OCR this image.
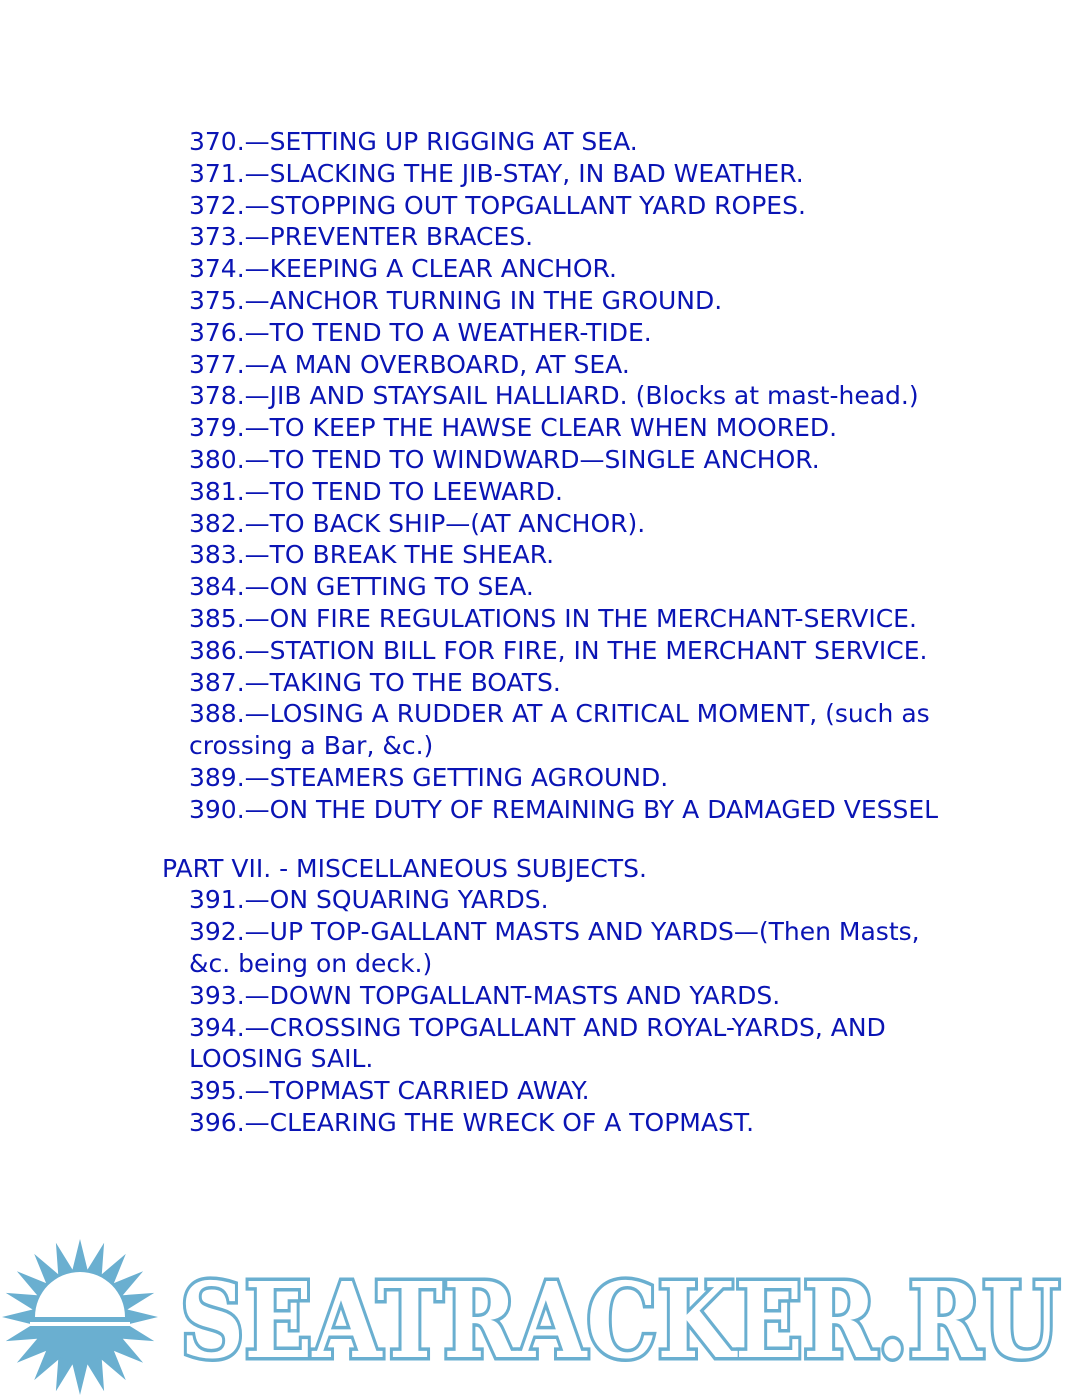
370.—SETTING UP RIGGING AT SEA.
371.—SLACKING THE JIB-STAY, IN BAD WEATHER.
372.—STOPPING OUT TOPGALLANT YARD ROPES.
373.—PREVENTER BRACES.
374.—KEEPING A CLEAR ANCHOR.
375.—ANCHOR TURNING IN THE GROUND.
376.—TO TEND TO A WEATHER-TIDE.
377.—A MAN OVERBOARD, AT SEA.
378.—JIB AND STAYSAIL HALLIARD. (Blocks at mast-head.)
379.—TO KEEP THE HAWSE CLEAR WHEN MOORED.
380.—TO TEND TO WINDWARD—SINGLE ANCHOR.
381.—TO TEND TO LEEWARD.
382.—TO BACK SHIP—(AT ANCHOR).
383.—TO BREAK THE SHEAR.
384.—ON GETTING TO SEA.
385.—ON FIRE REGULATIONS IN THE MERCHANT-SERVICE.
386.—STATION BILL FOR FIRE, IN THE MERCHANT SERVICE.
387.—TAKING TO THE BOATS.
388.—LOSING A RUDDER AT A CRITICAL MOMENT, (such as crossing a Bar, &c.)
389.—STEAMERS GETTING AGROUND.
390.—ON THE DUTY OF REMAINING BY A DAMAGED VESSEL
PART VII. - MISCELLANEOUS SUBJECTS.
391.—ON SQUARING YARDS.
392.—UP TOP-GALLANT MASTS AND YARDS—(Then Masts, &c. being on deck.)
393.—DOWN TOPGALLANT-MASTS AND YARDS.
394.—CROSSING TOPGALLANT AND ROYAL-YARDS, AND LOOSING SAIL.
395.—TOPMAST CARRIED AWAY.
396.—CLEARING THE WRECK OF A TOPMAST.
SEATRACKER.RU
SEATRACKER.RU
